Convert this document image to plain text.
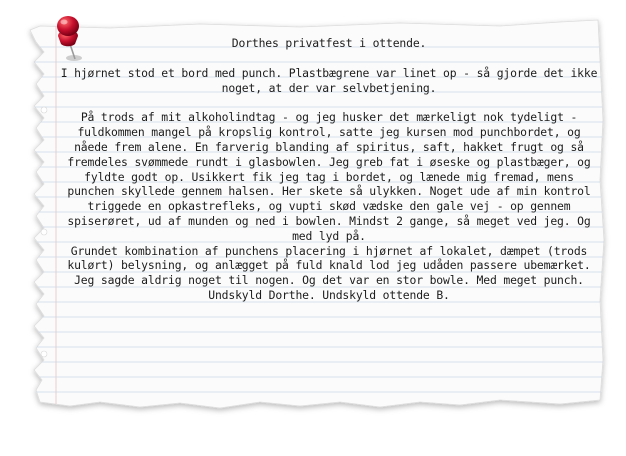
Dorthes privatfest i ottende.

I hjørnet stod et bord med punch. Plastbægrene var linet op - så gjorde det ikke noget, at der var selvbetjening.

På trods af mit alkoholindtag - og jeg husker det mærkeligt nok tydeligt - fuldkommen mangel på kropslig kontrol, satte jeg kursen mod punchbordet, og nåede frem alene. En farverig blanding af spiritus, saft, hakket frugt og så fremdeles svømmede rundt i glasbowlen. Jeg greb fat i øseske og plastbæger, og fyldte godt op. Usikkert fik jeg tag i bordet, og lænede mig fremad, mens punchen skyllede gennem halsen. Her skete så ulykken. Noget ude af min kontrol triggede en opkastrefleks, og vupti skød vædske den gale vej - op gennem spiserøret, ud af munden og ned i bowlen. Mindst 2 gange, så meget ved jeg. Og med lyd på.

Grundet kombination af punchens placering i hjørnet af lokalet, dæmpet (trods kulørt) belysning, og anlægget på fuld knald lod jeg udåden passere ubemærket.

Jeg sagde aldrig noget til nogen. Og det var en stor bowle. Med meget punch.

Undskyld Dorthe. Undskyld ottende B.
